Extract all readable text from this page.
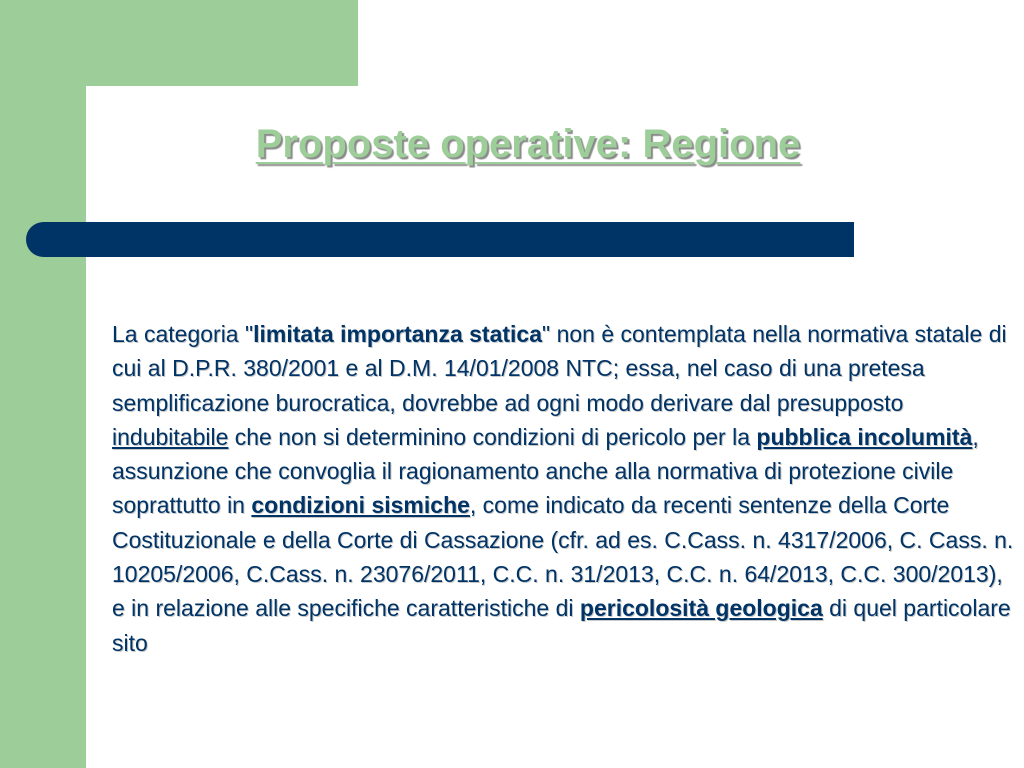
Proposte operative: Regione

La categoria "limitata importanza statica" non è contemplata nella normativa statale di cui al D.P.R. 380/2001 e al D.M. 14/01/2008 NTC; essa, nel caso di una pretesa semplificazione burocratica, dovrebbe ad ogni modo derivare dal presupposto indubitabile che non si determinino condizioni di pericolo per la pubblica incolumità, assunzione che convoglia il ragionamento anche alla normativa di protezione civile soprattutto in condizioni sismiche, come indicato da recenti sentenze della Corte Costituzionale e della Corte di Cassazione (cfr. ad es. C.Cass. n. 4317/2006, C. Cass. n. 10205/2006, C.Cass. n. 23076/2011, C.C. n. 31/2013, C.C. n. 64/2013, C.C. 300/2013), e in relazione alle specifiche caratteristiche di pericolosità geologica di quel particolare sito
